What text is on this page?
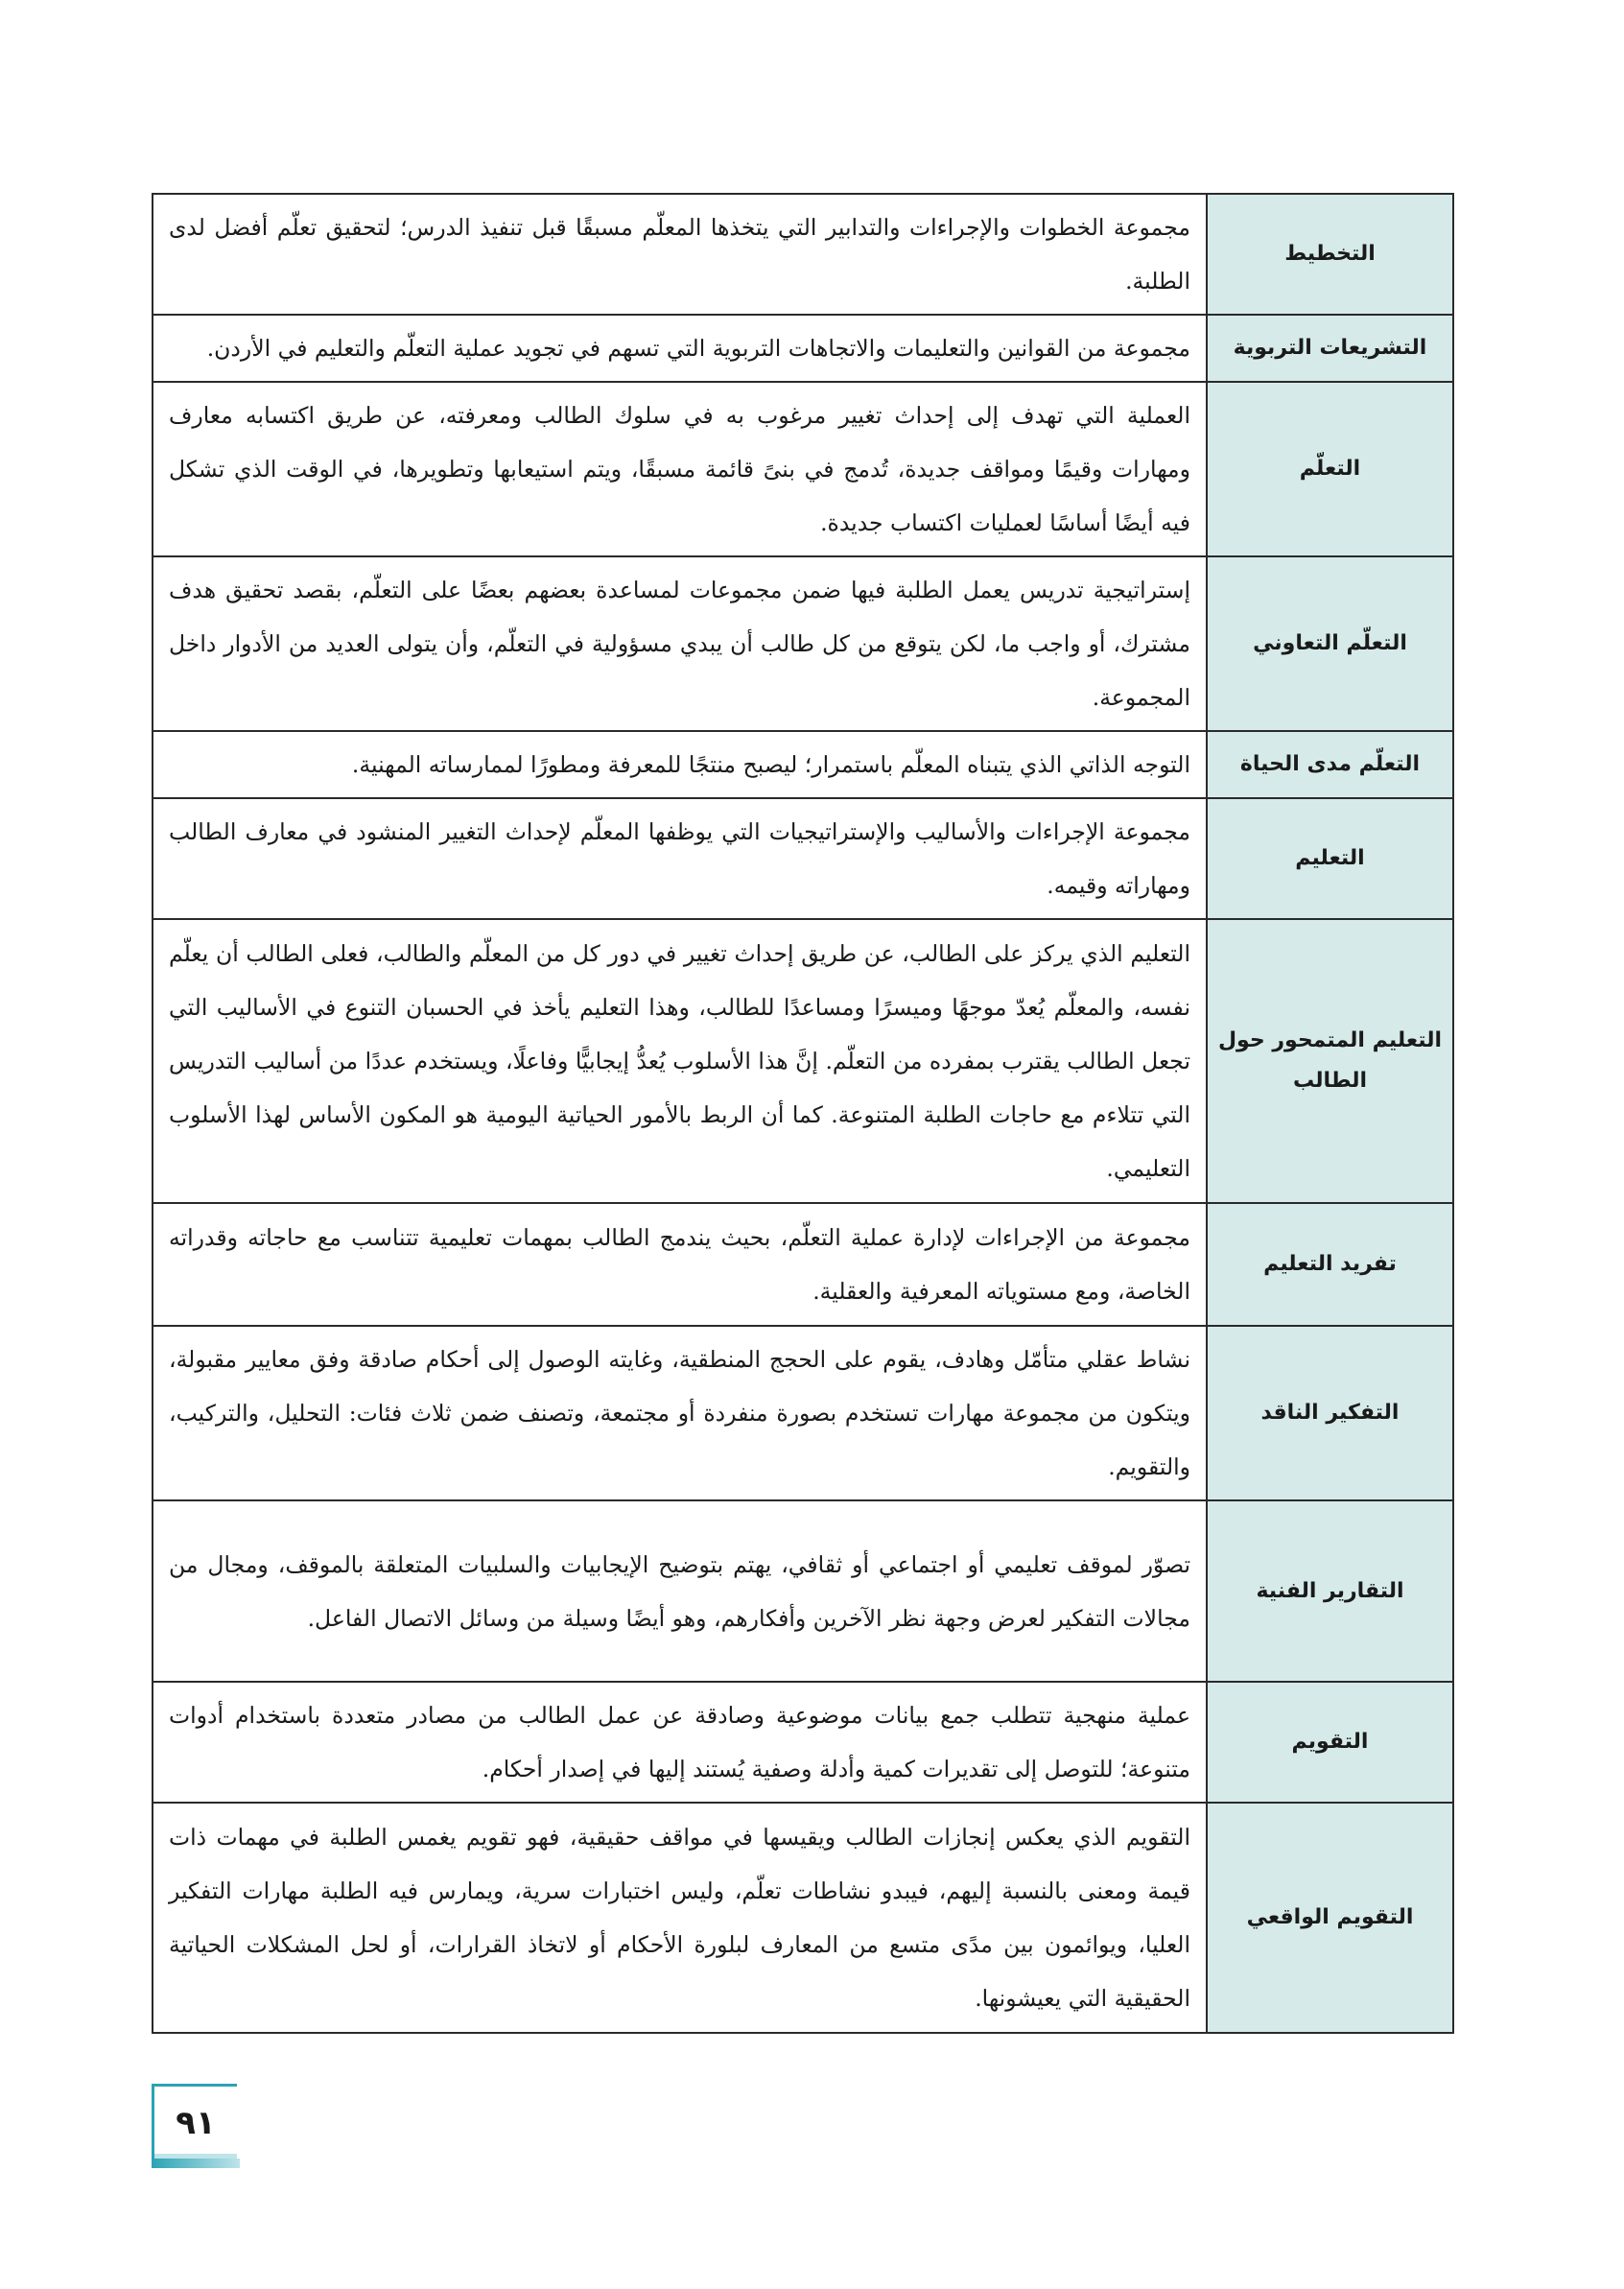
التخطيط	مجموعة الخطوات والإجراءات والتدابير التي يتخذها المعلّم مسبقًا قبل تنفيذ الدرس؛ لتحقيق تعلّم أفضل لدى الطلبة.
التشريعات التربوية	مجموعة من القوانين والتعليمات والاتجاهات التربوية التي تسهم في تجويد عملية التعلّم والتعليم في الأردن.
التعلّم	العملية التي تهدف إلى إحداث تغيير مرغوب به في سلوك الطالب ومعرفته، عن طريق اكتسابه معارف ومهارات وقيمًا ومواقف جديدة، تُدمج في بنىً قائمة مسبقًا، ويتم استيعابها وتطويرها، في الوقت الذي تشكل فيه أيضًا أساسًا لعمليات اكتساب جديدة.
التعلّم التعاوني	إستراتيجية تدريس يعمل الطلبة فيها ضمن مجموعات لمساعدة بعضهم بعضًا على التعلّم، بقصد تحقيق هدف مشترك، أو واجب ما، لكن يتوقع من كل طالب أن يبدي مسؤولية في التعلّم، وأن يتولى العديد من الأدوار داخل المجموعة.
التعلّم مدى الحياة	التوجه الذاتي الذي يتبناه المعلّم باستمرار؛ ليصبح منتجًا للمعرفة ومطورًا لممارساته المهنية.
التعليم	مجموعة الإجراءات والأساليب والإستراتيجيات التي يوظفها المعلّم لإحداث التغيير المنشود في معارف الطالب ومهاراته وقيمه.
التعليم المتمحور حول الطالب	التعليم الذي يركز على الطالب، عن طريق إحداث تغيير في دور كل من المعلّم والطالب، فعلى الطالب أن يعلّم نفسه، والمعلّم يُعدّ موجهًا وميسرًا ومساعدًا للطالب، وهذا التعليم يأخذ في الحسبان التنوع في الأساليب التي تجعل الطالب يقترب بمفرده من التعلّم. إنَّ هذا الأسلوب يُعدُّ إيجابيًّا وفاعلًا، ويستخدم عددًا من أساليب التدريس التي تتلاءم مع حاجات الطلبة المتنوعة. كما أن الربط بالأمور الحياتية اليومية هو المكون الأساس لهذا الأسلوب التعليمي.
تفريد التعليم	مجموعة من الإجراءات لإدارة عملية التعلّم، بحيث يندمج الطالب بمهمات تعليمية تتناسب مع حاجاته وقدراته الخاصة، ومع مستوياته المعرفية والعقلية.
التفكير الناقد	نشاط عقلي متأمّل وهادف، يقوم على الحجج المنطقية، وغايته الوصول إلى أحكام صادقة وفق معايير مقبولة، ويتكون من مجموعة مهارات تستخدم بصورة منفردة أو مجتمعة، وتصنف ضمن ثلاث فئات: التحليل، والتركيب، والتقويم.
التقارير الفنية	تصوّر لموقف تعليمي أو اجتماعي أو ثقافي، يهتم بتوضيح الإيجابيات والسلبيات المتعلقة بالموقف، ومجال من مجالات التفكير لعرض وجهة نظر الآخرين وأفكارهم، وهو أيضًا وسيلة من وسائل الاتصال الفاعل.
التقويم	عملية منهجية تتطلب جمع بيانات موضوعية وصادقة عن عمل الطالب من مصادر متعددة باستخدام أدوات متنوعة؛ للتوصل إلى تقديرات كمية وأدلة وصفية يُستند إليها في إصدار أحكام.
التقويم الواقعي	التقويم الذي يعكس إنجازات الطالب ويقيسها في مواقف حقيقية، فهو تقويم يغمس الطلبة في مهمات ذات قيمة ومعنى بالنسبة إليهم، فيبدو نشاطات تعلّم، وليس اختبارات سرية، ويمارس فيه الطلبة مهارات التفكير العليا، ويوائمون بين مدًى متسع من المعارف لبلورة الأحكام أو لاتخاذ القرارات، أو لحل المشكلات الحياتية الحقيقية التي يعيشونها.
٩١
